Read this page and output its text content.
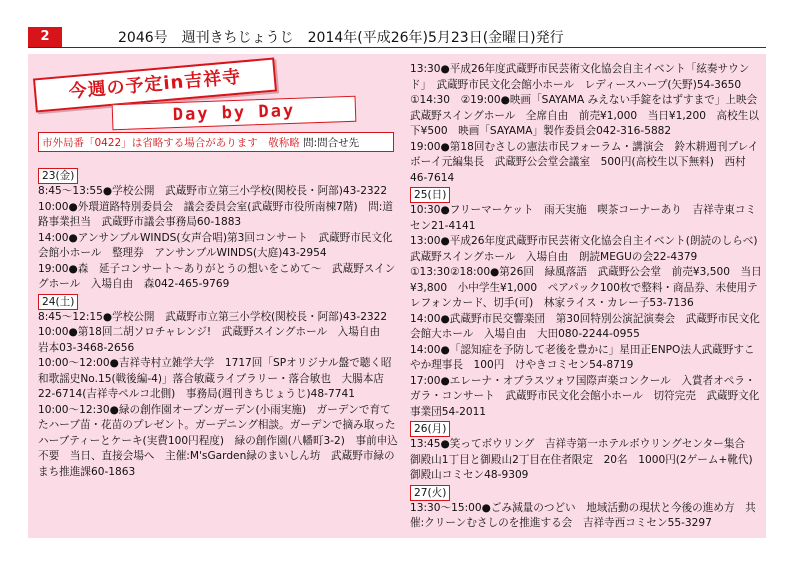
2	2046号　週刊きちじょうじ　2014年(平成26年)5月23日(金曜日)発行
今週の予定in吉祥寺
Day by Day
市外局番「0422」は省略する場合があります　敬称略 問:問合せ先
23(金)

8:45～13:55●学校公開　武蔵野市立第三小学校(関校長・阿部)43-2322

10:00●外環道路特別委員会　議会委員会室(武蔵野市役所南棟7階)　問:道路事業担当　武蔵野市議会事務局60-1883

14:00●アンサンブルWINDS(女声合唱)第3回コンサート　武蔵野市民文化会館小ホール　整理券　アンサンブルWINDS(大庭)43-2954

19:00●森　延子コンサート～ありがとうの想いをこめて～　武蔵野スイングホール　入場自由　森042-465-9769

24(土)

8:45～12:15●学校公開　武蔵野市立第三小学校(関校長・阿部)43-2322

10:00●第18回二胡ソロチャレンジ!　武蔵野スイングホール　入場自由　岩本03-3468-2656

10:00～12:00●吉祥寺村立雑学大学　1717回「SPオリジナル盤で聴く昭和歌謡史No.15(戦後編-4)」落合敏蔵ライブラリー・落合敏也　大腸本店22-6714(吉祥寺ペルコ北側)　事務局(週刊きちじょうじ)48-7741

10:00～12:30●緑の創作園オープンガーデン(小雨実施)　ガーデンで育てたハーブ苗・花苗のプレゼント。ガーデニング相談。ガーデンで摘み取ったハーブティーとケーキ(実費100円程度)　緑の創作園(八幡町3-2)　事前申込不要　当日、直接会場へ　主催:M'sGarden緑のまいしん坊　武蔵野市緑のまち推進課60-1863

13:30●平成26年度武蔵野市民芸術文化協会自主イベント「絃奏サウンド」　武蔵野市民文化会館小ホール　レディースハープ(矢野)54-3650

①14:30　②19:00●映画「SAYAMA みえない手錠をはずすまで」上映会　武蔵野スイングホール　全席自由　前売¥1,000　当日¥1,200　高校生以下¥500　映画「SAYAMA」製作委員会042-316-5882

19:00●第18回むさしの憲法市民フォーラム・講演会　鈴木耕週刊プレイボーイ元編集長　武蔵野公会堂会議室　500円(高校生以下無料)　西村46-7614

25(日)

10:30●フリーマーケット　雨天実施　喫茶コーナーあり　吉祥寺東コミセン21-4141

13:00●平成26年度武蔵野市民芸術文化協会自主イベント(朗読のしらべ)　武蔵野スイングホール　入場自由　朗読MEGUの会22-4379

①13:30②18:00●第26回　緑風落語　武蔵野公会堂　前売¥3,500　当日¥3,800　小中学生¥1,000　ペアパック100枚で整料・商品券、未使用テレフォンカード、切手(可)　林家ライス・カレー子53-7136

14:00●武蔵野市民交響楽団　第30回特別公演記演奏会　武蔵野市民文化会館大ホール　入場自由　大田080-2244-0955

14:00●「認知症を予防して老後を豊かに」星田正ENPO法人武蔵野すこやか理事長　100円　けやきコミセン54-8719

17:00●エレーナ・オブラスツォワ国際声楽コンクール　入賞者オペラ・ガラ・コンサート　武蔵野市民文化会館小ホール　切符完売　武蔵野文化事業団54-2011

26(月)

13:45●笑ってボウリング　吉祥寺第一ホテルボウリングセンター集合　御殿山1丁目と御殿山2丁目在住者限定　20名　1000円(2ゲーム+靴代)　御殿山コミセン48-9309

27(火)

13:30～15:00●ごみ減量のつどい　地域活動の現状と今後の進め方　共催:クリーンむさしのを推進する会　吉祥寺西コミセン55-3297
